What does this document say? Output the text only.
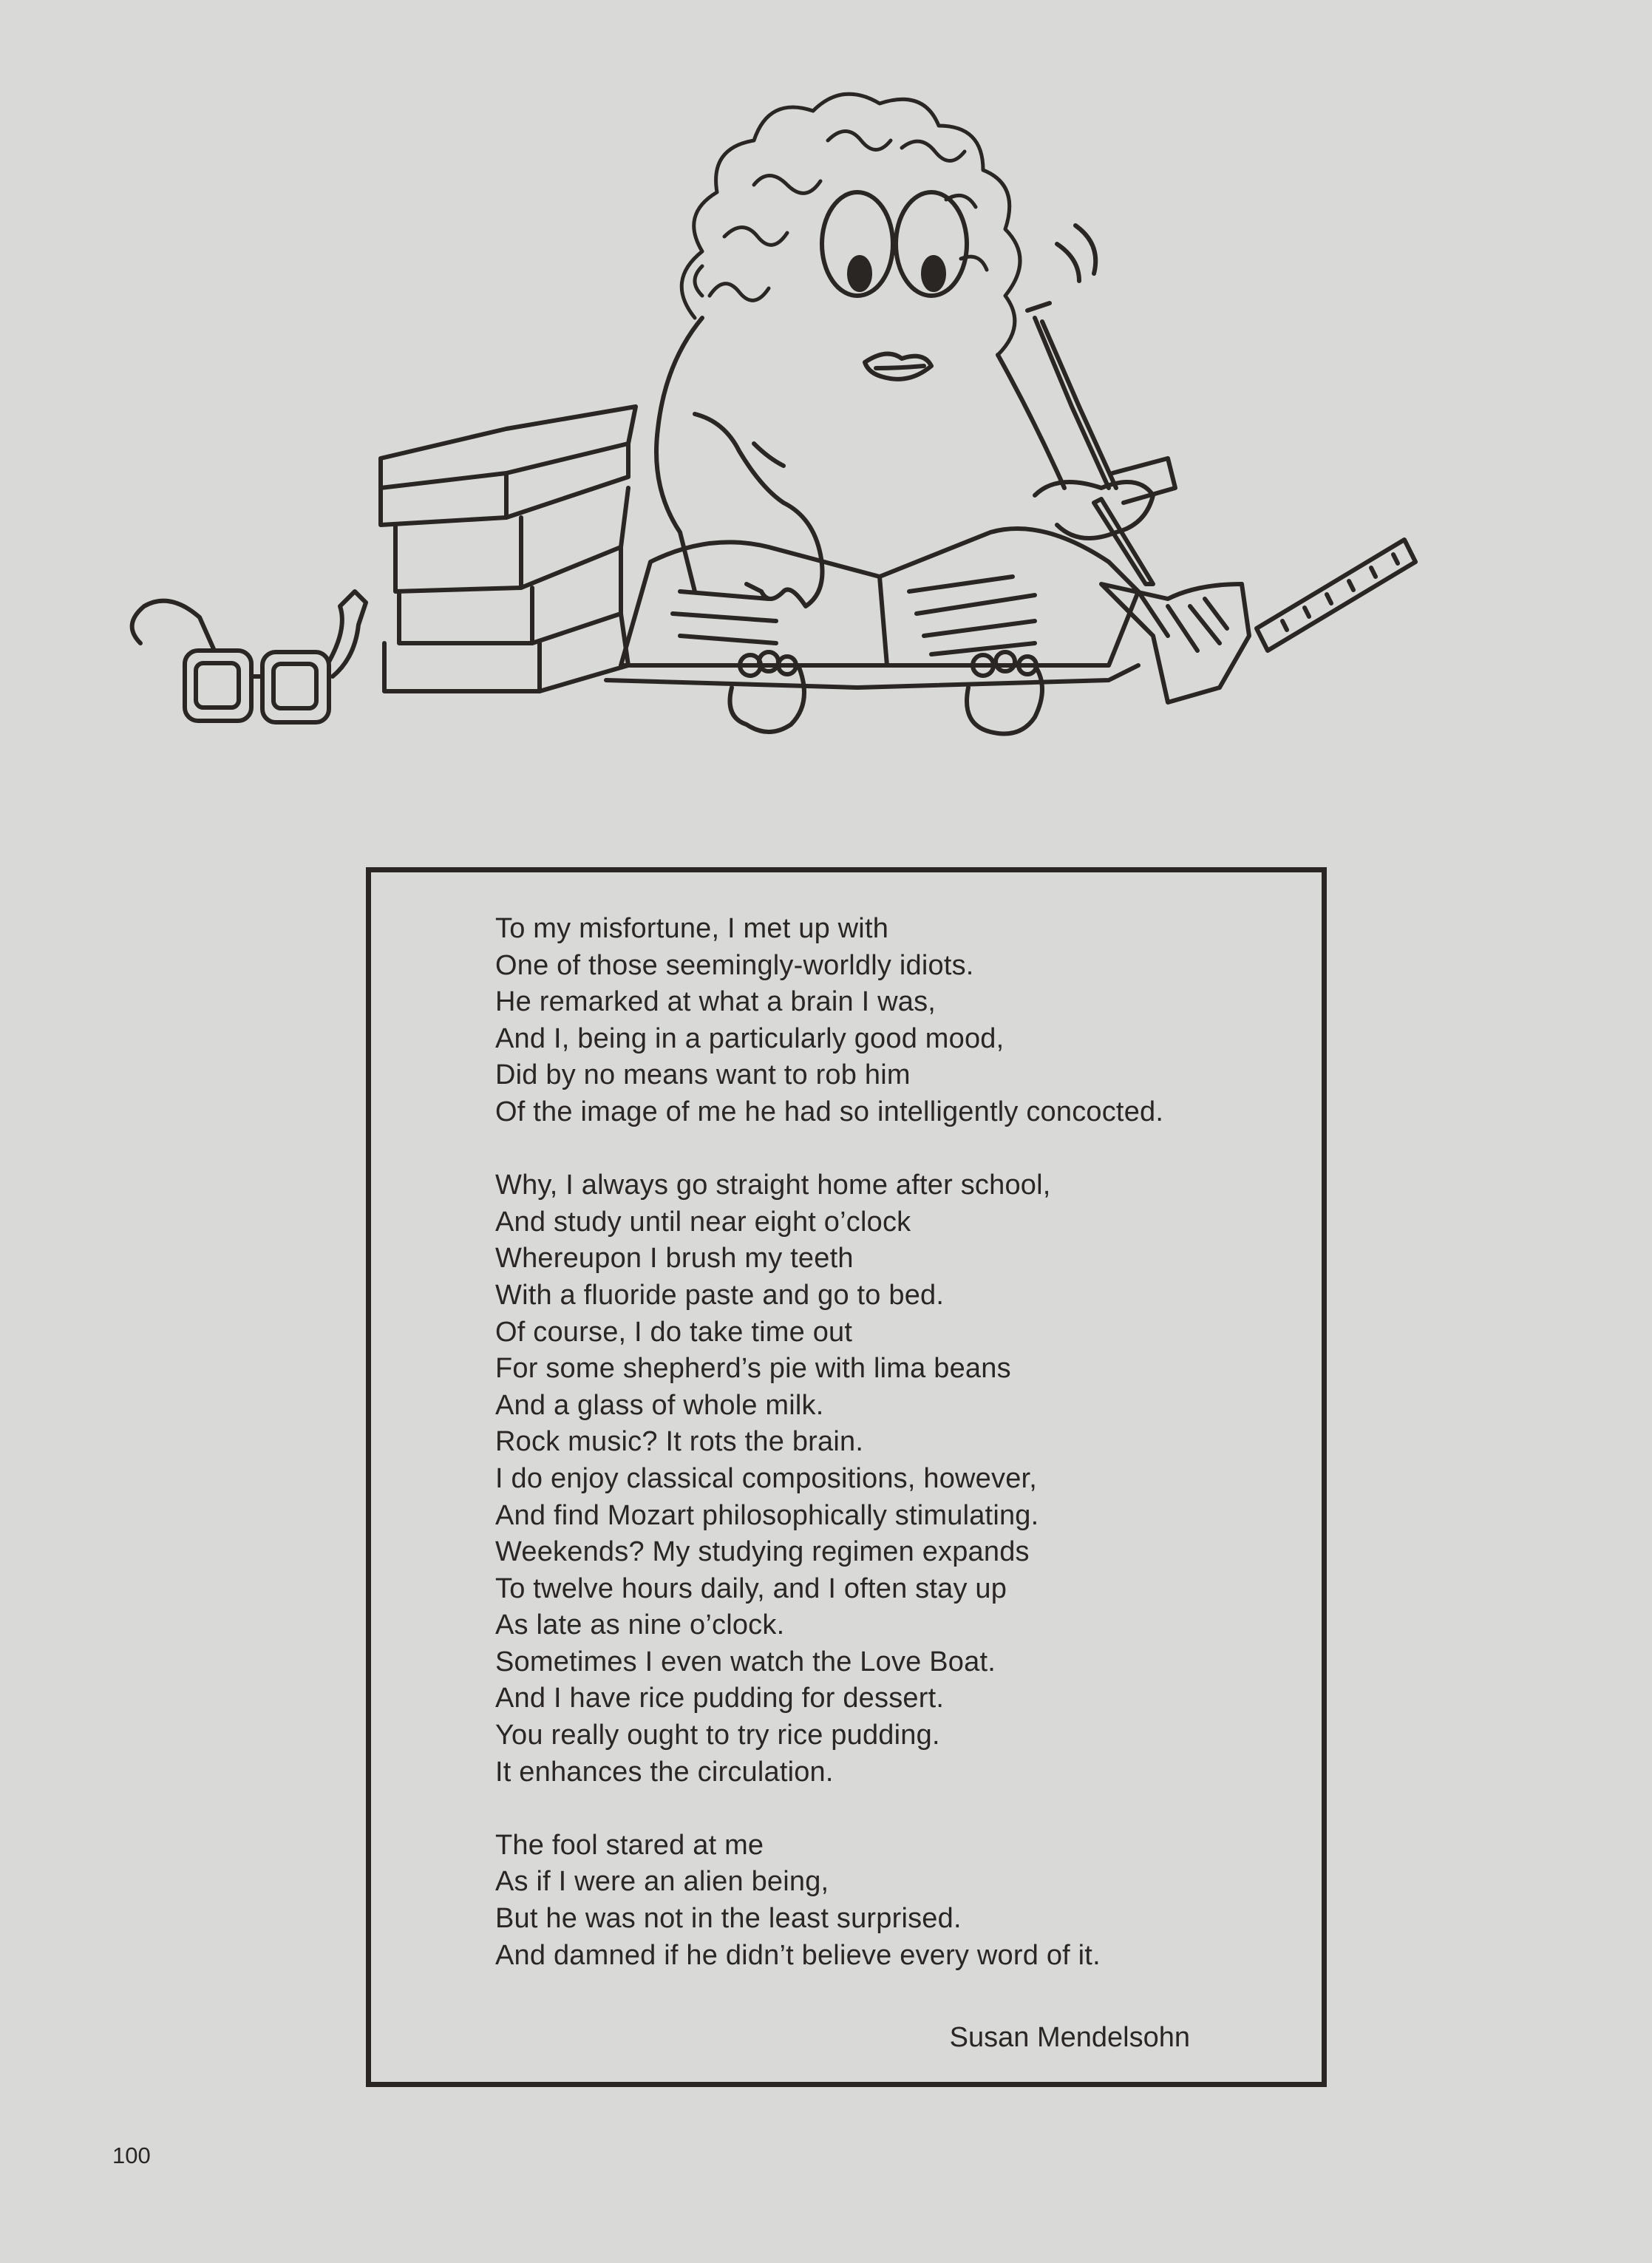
To my misfortune, I met up with
One of those seemingly-worldly idiots.
He remarked at what a brain I was,
And I, being in a particularly good mood,
Did by no means want to rob him
Of the image of me he had so intelligently concocted.
Why, I always go straight home after school,
And study until near eight o’clock
Whereupon I brush my teeth
With a fluoride paste and go to bed.
Of course, I do take time out
For some shepherd’s pie with lima beans
And a glass of whole milk.
Rock music? It rots the brain.
I do enjoy classical compositions, however,
And find Mozart philosophically stimulating.
Weekends? My studying regimen expands
To twelve hours daily, and I often stay up
As late as nine o’clock.
Sometimes I even watch the Love Boat.
And I have rice pudding for dessert.
You really ought to try rice pudding.
It enhances the circulation.
The fool stared at me
As if I were an alien being,
But he was not in the least surprised.
And damned if he didn’t believe every word of it.
Susan Mendelsohn
100
